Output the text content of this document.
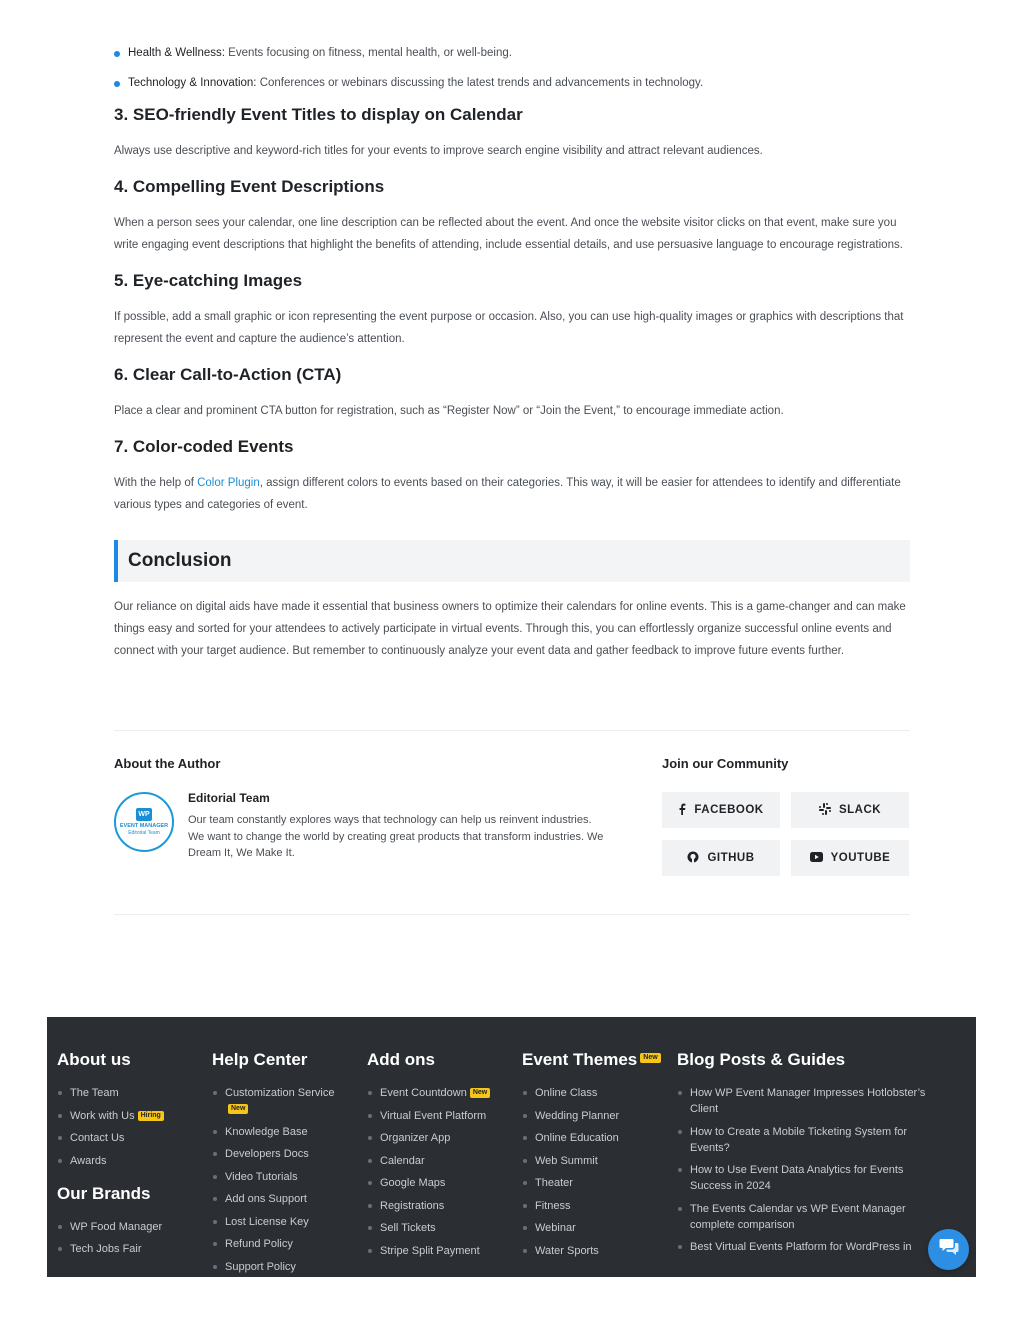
Health & Wellness: Events focusing on fitness, mental health, or well-being.
Technology & Innovation: Conferences or webinars discussing the latest trends and advancements in technology.
3. SEO-friendly Event Titles to display on Calendar

Always use descriptive and keyword-rich titles for your events to improve search engine visibility and attract relevant audiences.

4. Compelling Event Descriptions

When a person sees your calendar, one line description can be reflected about the event. And once the website visitor clicks on that event, make sure you write engaging event descriptions that highlight the benefits of attending, include essential details, and use persuasive language to encourage registrations.

5. Eye-catching Images

If possible, add a small graphic or icon representing the event purpose or occasion. Also, you can use high-quality images or graphics with descriptions that represent the event and capture the audience’s attention.

6. Clear Call-to-Action (CTA)

Place a clear and prominent CTA button for registration, such as “Register Now” or “Join the Event,” to encourage immediate action.

7. Color-coded Events

With the help of Color Plugin, assign different colors to events based on their categories. This way, it will be easier for attendees to identify and differentiate various types and categories of event.

Conclusion

Our reliance on digital aids have made it essential that business owners to optimize their calendars for online events. This is a game-changer and can make things easy and sorted for your attendees to actively participate in virtual events. Through this, you can effortlessly organize successful online events and connect with your target audience. But remember to continuously analyze your event data and gather feedback to improve future events further.

About the Author
WP
EVENT MANAGER
Editorial Team
Editorial Team
Our team constantly explores ways that technology can help us reinvent industries. We want to change the world by creating great products that transform industries. We Dream It, We Make It.
Join our Community
FACEBOOK	SLACK
GITHUB	YOUTUBE
About us
The Team
Work with Us Hiring
Contact Us
Awards
Our Brands
WP Food Manager
Tech Jobs Fair
Help Center
Customization ServiceNew
Knowledge Base
Developers Docs
Video Tutorials
Add ons Support
Lost License Key
Refund Policy
Support Policy
Add ons
Event Countdown New
Virtual Event Platform
Organizer App
Calendar
Google Maps
Registrations
Sell Tickets
Stripe Split Payment
Event Themes New
Online Class
Wedding Planner
Online Education
Web Summit
Theater
Fitness
Webinar
Water Sports
Blog Posts & Guides
How WP Event Manager Impresses Hotlobster’s Client
How to Create a Mobile Ticketing System for Events?
How to Use Event Data Analytics for Events Success in 2024
The Events Calendar vs WP Event Manager complete comparison
Best Virtual Events Platform for WordPress in
